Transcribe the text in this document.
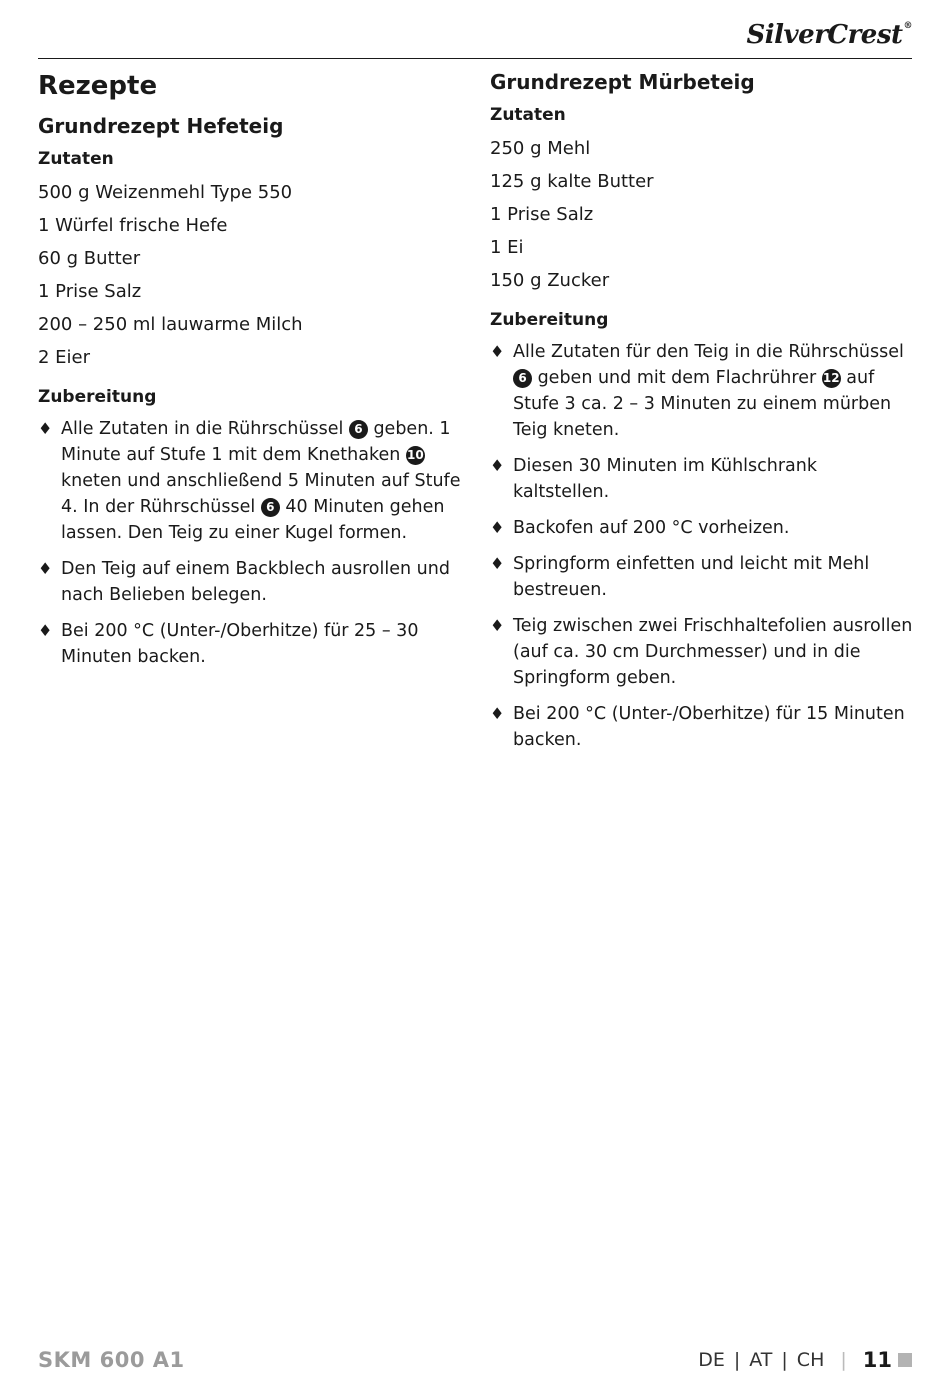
SilverCrest®
Rezepte
Grundrezept Hefeteig
Zutaten
500 g Weizenmehl Type 550
1 Würfel frische Hefe
60 g Butter
1 Prise Salz
200 – 250 ml lauwarme Milch
2 Eier
Zubereitung
♦ Alle Zutaten in die Rührschüssel 6 geben. 1 Minute auf Stufe 1 mit dem Knethaken 10 kneten und anschließend 5 Minuten auf Stufe 4. In der Rührschüssel 6 40 Minuten gehen lassen. Den Teig zu einer Kugel formen.
♦ Den Teig auf einem Backblech ausrollen und nach Belieben belegen.
♦ Bei 200 °C (Unter-/Oberhitze) für 25 – 30 Minuten backen.
Grundrezept Mürbeteig
Zutaten
250 g Mehl
125 g kalte Butter
1 Prise Salz
1 Ei
150 g Zucker
Zubereitung
♦ Alle Zutaten für den Teig in die Rührschüssel 6 geben und mit dem Flachrührer 12 auf Stufe 3 ca. 2 – 3 Minuten zu einem mürben Teig kneten.
♦ Diesen 30 Minuten im Kühlschrank kaltstellen.
♦ Backofen auf 200 °C vorheizen.
♦ Springform einfetten und leicht mit Mehl bestreuen.
♦ Teig zwischen zwei Frischhaltefolien ausrollen (auf ca. 30 cm Durchmesser) und in die Springform geben.
♦ Bei 200 °C (Unter-/Oberhitze) für 15 Minuten backen.
SKM 600 A1	DE | AT | CH | 11
